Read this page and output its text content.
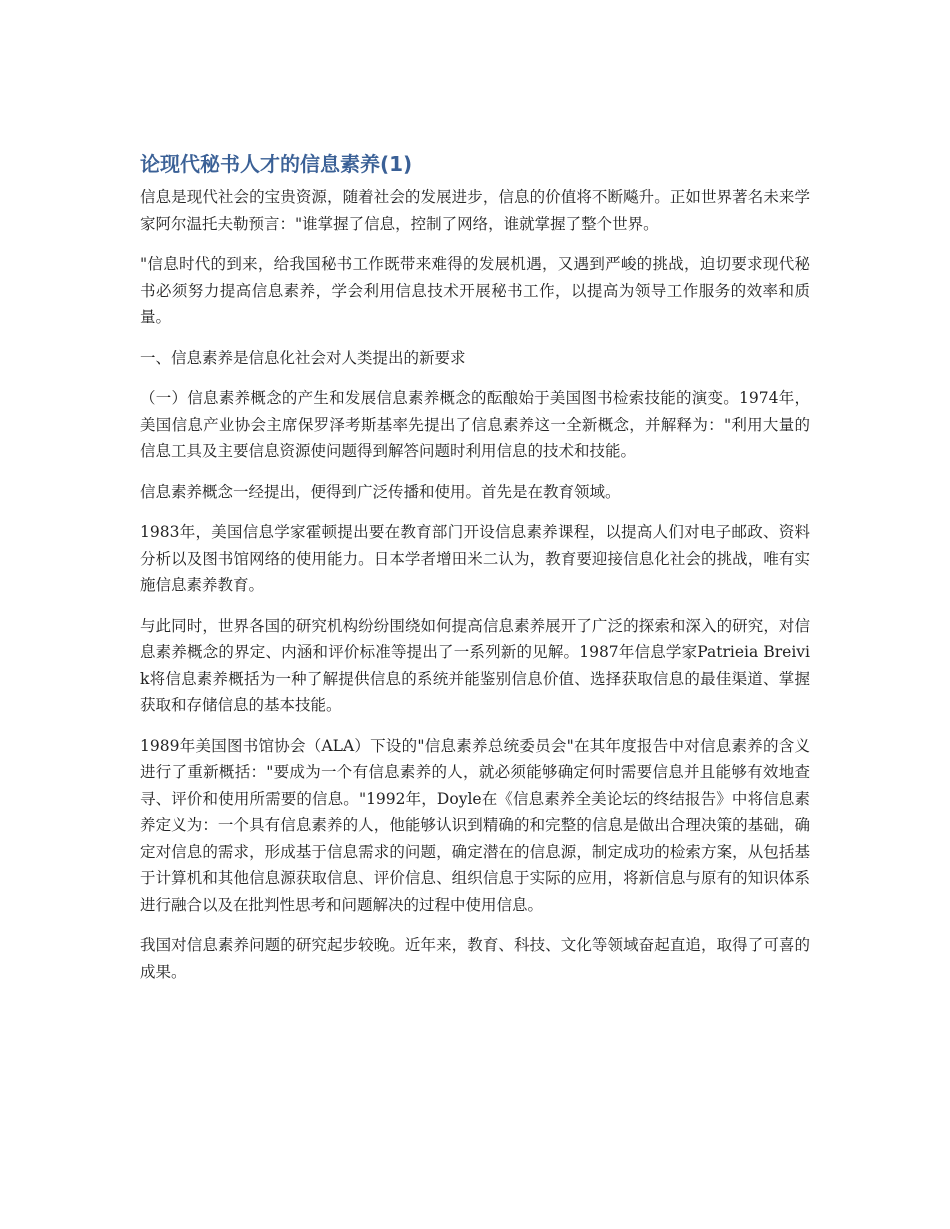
论现代秘书人才的信息素养(1)

信息是现代社会的宝贵资源，随着社会的发展进步，信息的价值将不断飚升。正如世界著名未来学家阿尔温托夫勒预言："谁掌握了信息，控制了网络，谁就掌握了整个世界。

"信息时代的到来，给我国秘书工作既带来难得的发展机遇，又遇到严峻的挑战，迫切要求现代秘书必须努力提高信息素养，学会利用信息技术开展秘书工作，以提高为领导工作服务的效率和质量。

一、信息素养是信息化社会对人类提出的新要求

（一）信息素养概念的产生和发展信息素养概念的酝酿始于美国图书检索技能的演变。1974年，美国信息产业协会主席保罗泽考斯基率先提出了信息素养这一全新概念，并解释为："利用大量的信息工具及主要信息资源使问题得到解答问题时利用信息的技术和技能。

信息素养概念一经提出，便得到广泛传播和使用。首先是在教育领域。

1983年，美国信息学家霍顿提出要在教育部门开设信息素养课程，以提高人们对电子邮政、资料分析以及图书馆网络的使用能力。日本学者增田米二认为，教育要迎接信息化社会的挑战，唯有实施信息素养教育。

与此同时，世界各国的研究机构纷纷围绕如何提高信息素养展开了广泛的探索和深入的研究，对信息素养概念的界定、内涵和评价标准等提出了一系列新的见解。1987年信息学家Patrieia Breivik将信息素养概括为一种了解提供信息的系统并能鉴别信息价值、选择获取信息的最佳渠道、掌握获取和存储信息的基本技能。

1989年美国图书馆协会（ALA）下设的"信息素养总统委员会"在其年度报告中对信息素养的含义进行了重新概括："要成为一个有信息素养的人，就必须能够确定何时需要信息并且能够有效地查寻、评价和使用所需要的信息。"1992年，Doyle在《信息素养全美论坛的终结报告》中将信息素养定义为：一个具有信息素养的人，他能够认识到精确的和完整的信息是做出合理决策的基础，确定对信息的需求，形成基于信息需求的问题，确定潜在的信息源，制定成功的检索方案，从包括基于计算机和其他信息源获取信息、评价信息、组织信息于实际的应用，将新信息与原有的知识体系进行融合以及在批判性思考和问题解决的过程中使用信息。

我国对信息素养问题的研究起步较晚。近年来，教育、科技、文化等领域奋起直追，取得了可喜的成果。
